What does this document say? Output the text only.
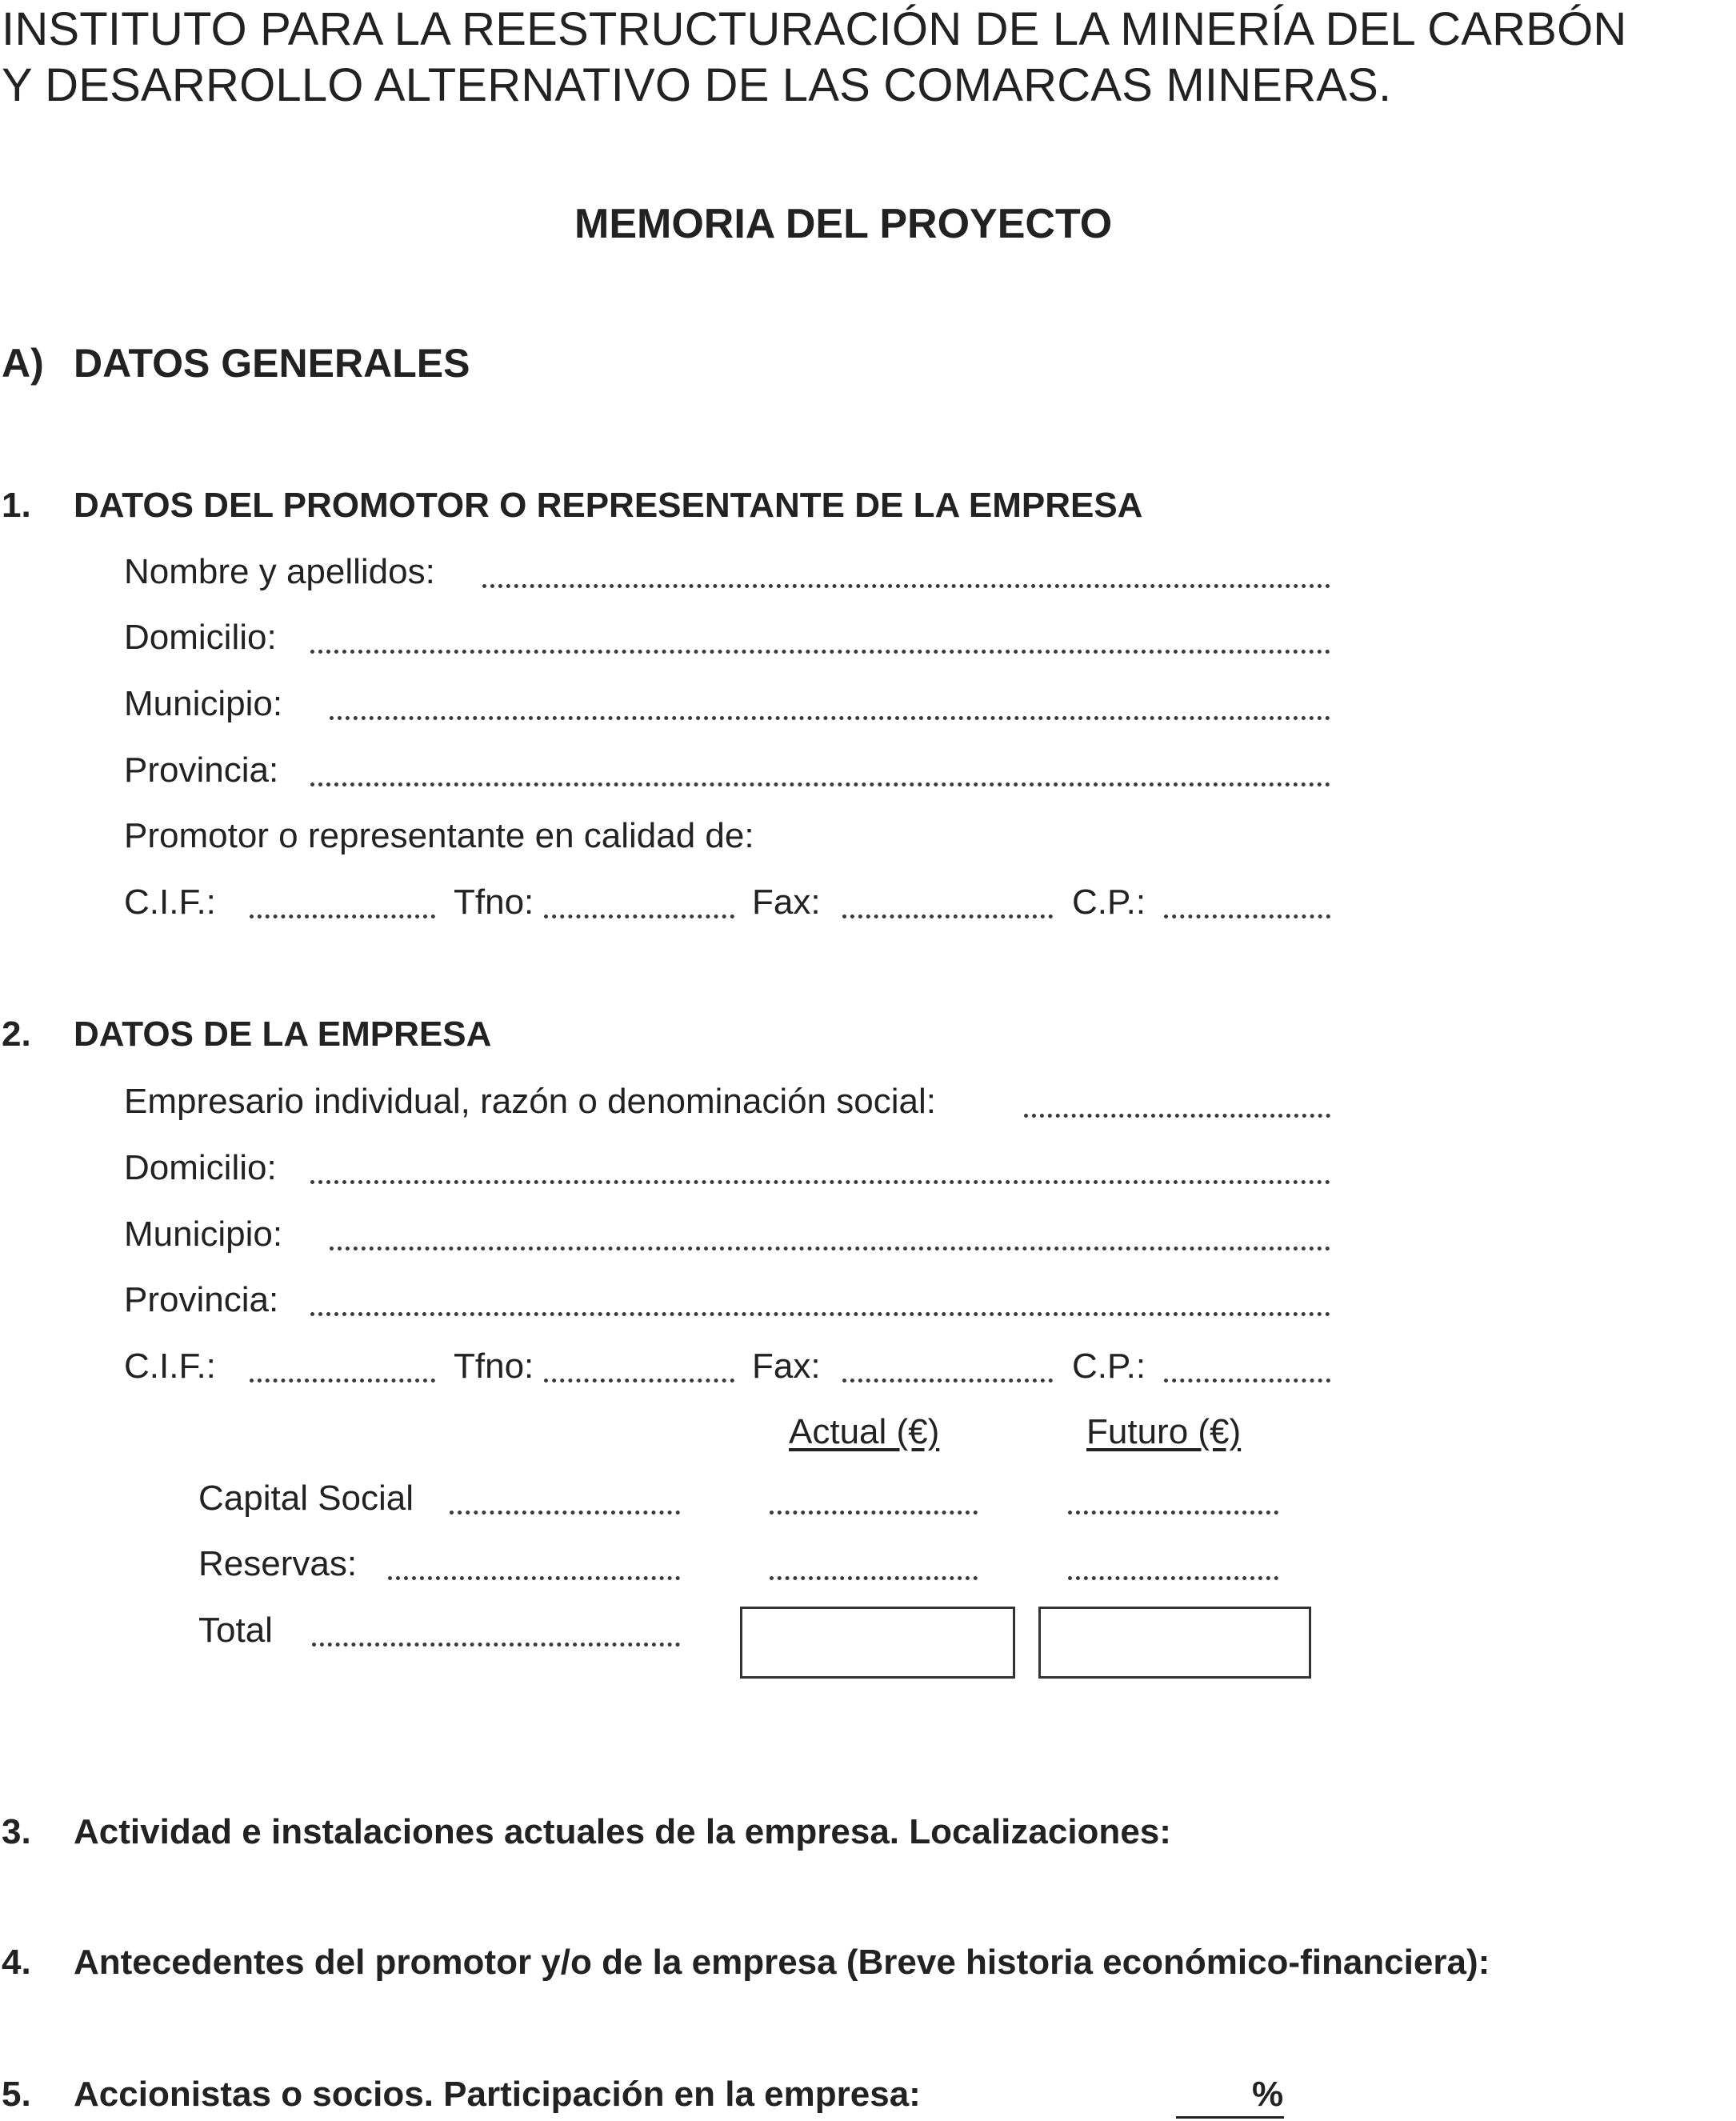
INSTITUTO PARA LA REESTRUCTURACIÓN DE LA MINERÍA DEL CARBÓN
Y DESARROLLO ALTERNATIVO DE LAS COMARCAS MINERAS.
MEMORIA DEL PROYECTO
A) DATOS GENERALES
1. DATOS DEL PROMOTOR O REPRESENTANTE DE LA EMPRESA
Nombre y apellidos:
Domicilio:
Municipio:
Provincia:
Promotor o representante en calidad de:
C.I.F.:	Tfno:	Fax:	C.P.:
2. DATOS DE LA EMPRESA
Empresario individual, razón o denominación social:
Domicilio:
Municipio:
Provincia:
C.I.F.:	Tfno:	Fax:	C.P.:
Actual (€)	Futuro (€)
Capital Social
Reservas:
Total
3. Actividad e instalaciones actuales de la empresa. Localizaciones:
4. Antecedentes del promotor y/o de la empresa (Breve historia económico-financiera):
5. Accionistas o socios. Participación en la empresa:	%
